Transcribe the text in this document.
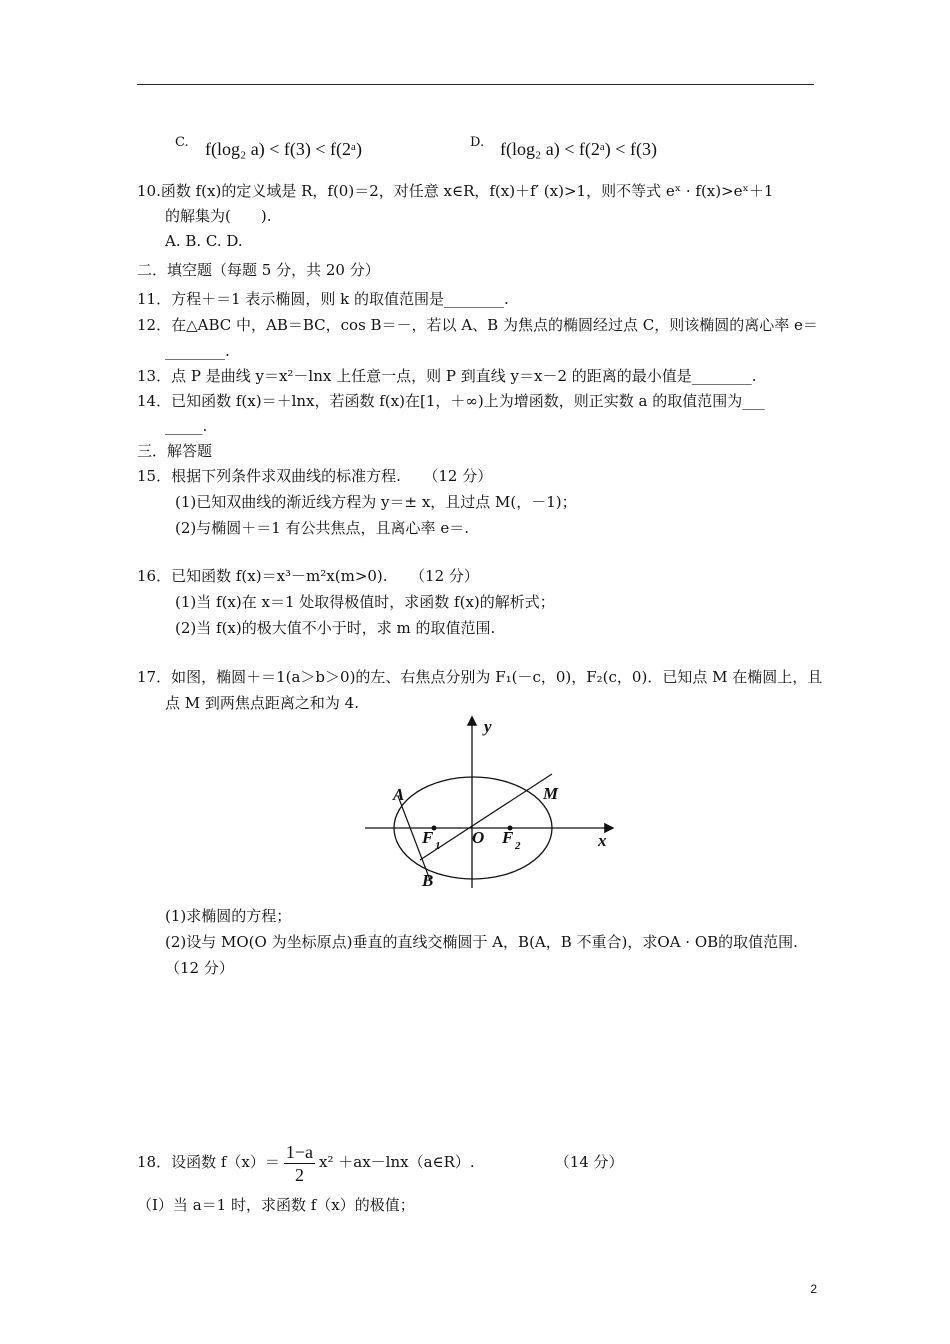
C. f(log₂ a) < f(3) < f(2ᵃ)	D. f(log₂ a) < f(2ᵃ) < f(3)
10.函数 f(x)的定义域是 R，f(0)＝2，对任意 x∈R，f(x)＋f′ (x)>1，则不等式 eˣ · f(x)>eˣ＋1
的解集为(　　).
A. B. C. D.
二．填空题（每题 5 分，共 20 分）
11．方程＋＝1 表示椭圆，则 k 的取值范围是________.
12．在△ABC 中，AB＝BC，cos B＝－，若以 A、B 为焦点的椭圆经过点 C，则该椭圆的离心率 e＝
________.
13．点 P 是曲线 y＝x²－lnx 上任意一点，则 P 到直线 y＝x－2 的距离的最小值是________.
14．已知函数 f(x)＝＋lnx，若函数 f(x)在[1，＋∞)上为增函数，则正实数 a 的取值范围为___
_____.
三．解答题
15．根据下列条件求双曲线的标准方程.　　（12 分）
(1)已知双曲线的渐近线方程为 y＝± x，且过点 M(，－1)；
(2)与椭圆＋＝1 有公共焦点，且离心率 e＝.
16．已知函数 f(x)＝x³－m²x(m>0).　　（12 分）
(1)当 f(x)在 x＝1 处取得极值时，求函数 f(x)的解析式；
(2)当 f(x)的极大值不小于时，求 m 的取值范围.
17．如图，椭圆＋＝1(a＞b＞0)的左、右焦点分别为 F₁(－c，0)，F₂(c，0)．已知点 M 在椭圆上，且
点 M 到两焦点距离之和为 4.
y
x
A	M
B
O
F 1	F 2
(1)求椭圆的方程；
(2)设与 MO(O 为坐标原点)垂直的直线交椭圆于 A，B(A，B 不重合)，求OA · OB的取值范围.
（12 分）
18．设函数 $f(x)= \frac{1-a}{2} x^2$ ＋ax－lnx（a∈R）.	（14 分）
（Ⅰ）当 a＝1 时，求函数 f（x）的极值；
2
